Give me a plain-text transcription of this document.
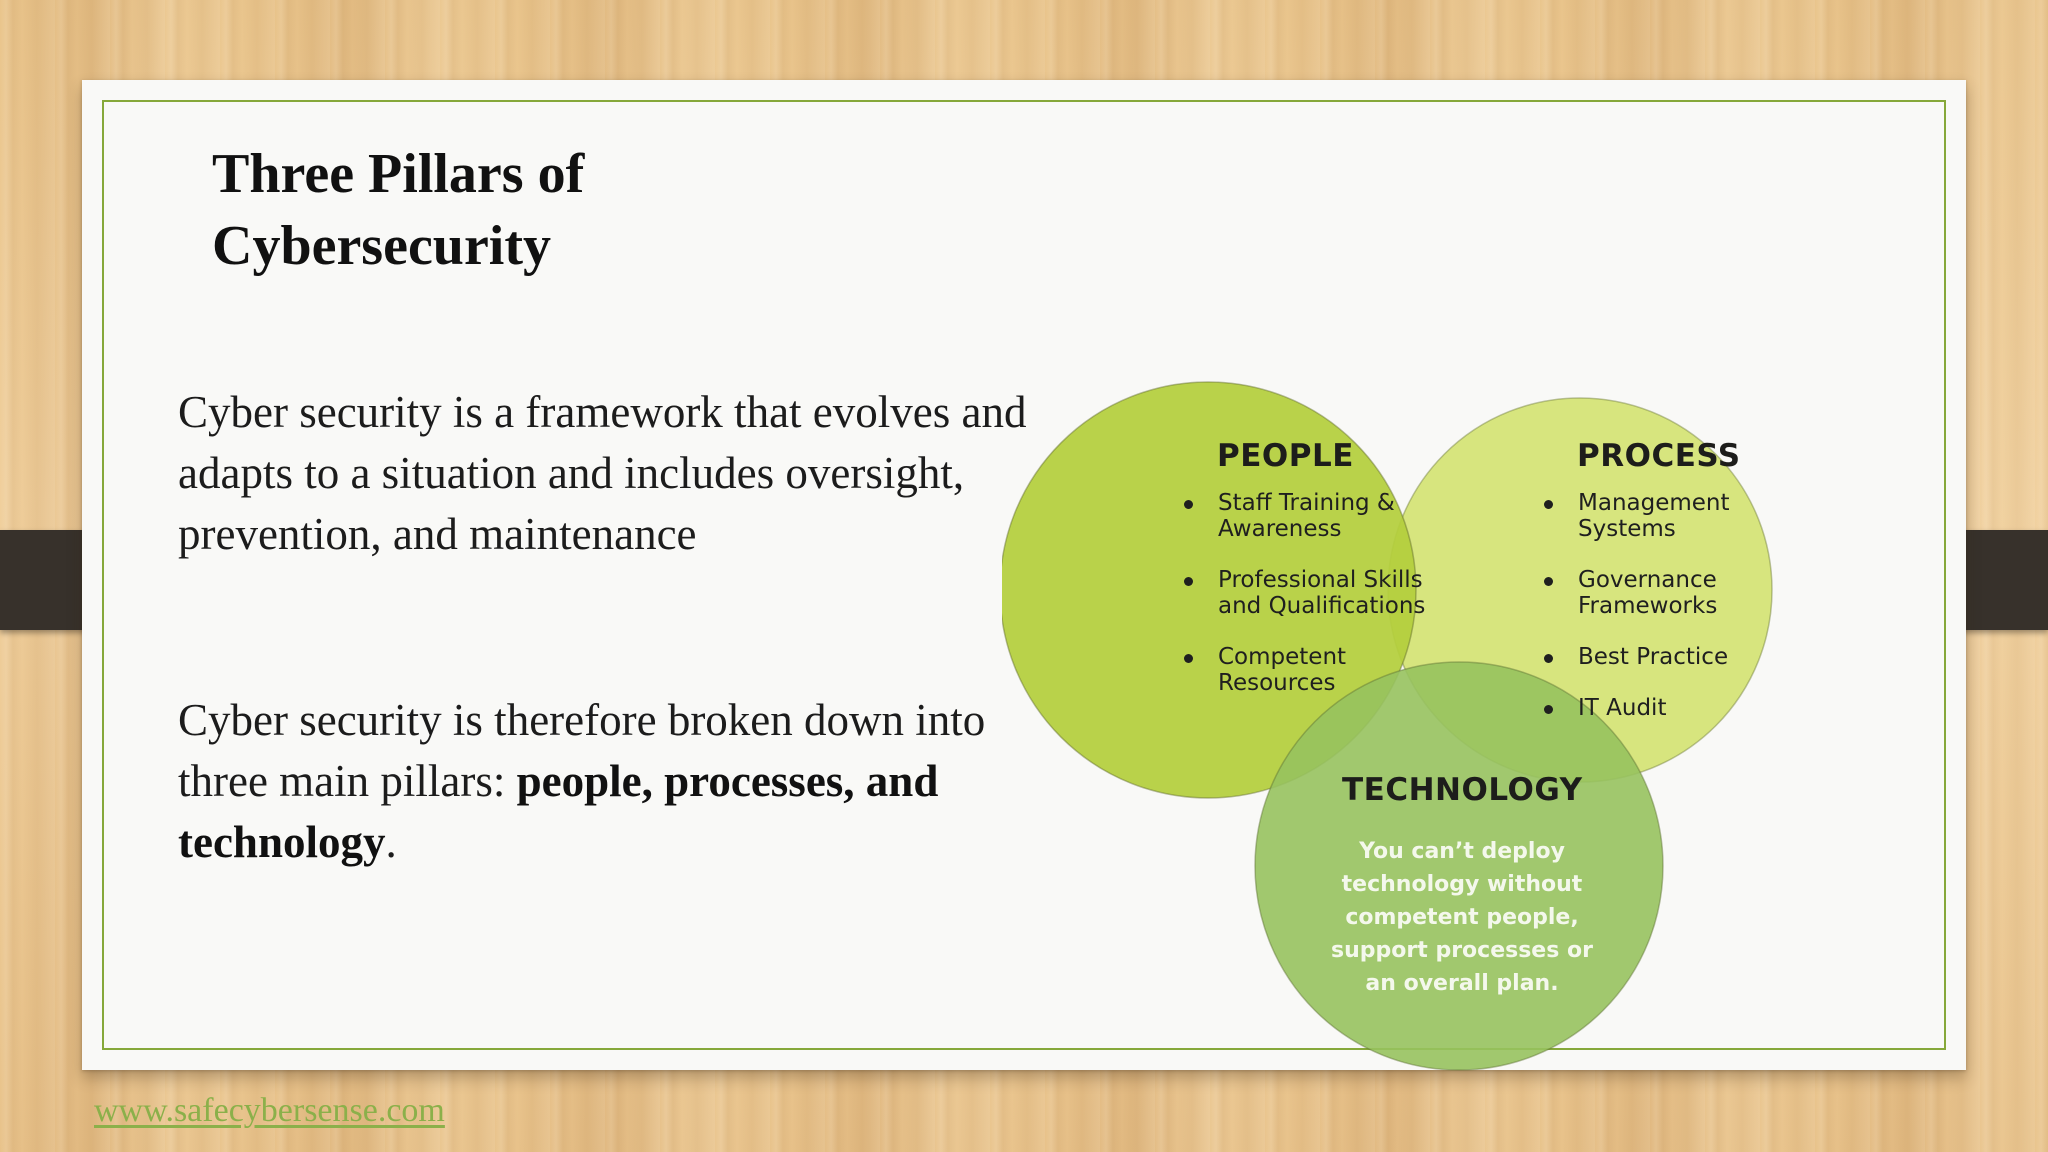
Three Pillars of Cybersecurity

Cyber security is a framework that evolves and adapts to a situation and includes oversight, prevention, and maintenance

Cyber security is therefore broken down into three main pillars: people, processes, and technology.

PEOPLE
Staff Training & Awareness
Professional Skills and Qualifications
Competent Resources
PROCESS
Management Systems
Governance Frameworks
Best Practice
IT Audit
TECHNOLOGY

You can’t deploy technology without competent people, support processes or an overall plan.

www.safecybersense.com
